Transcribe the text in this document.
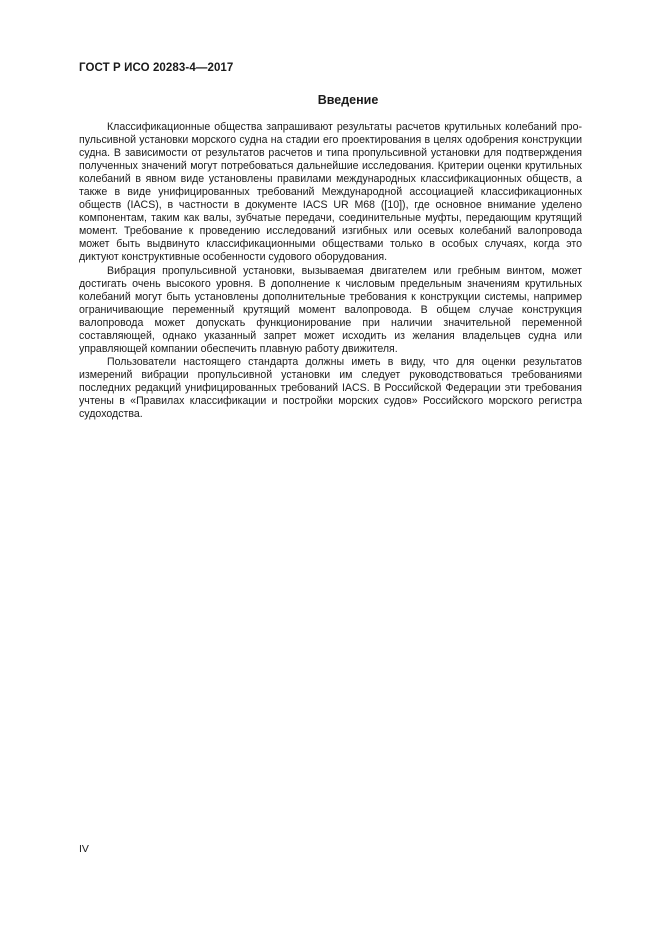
ГОСТ Р ИСО 20283-4—2017
Введение

Классификационные общества запрашивают результаты расчетов крутильных колебаний пропульсивной установки морского судна на стадии его проектирования в целях одобрения конструкции судна. В зависимости от результатов расчетов и типа пропульсивной установки для подтверждения полученных значений могут потребоваться дальнейшие исследования. Критерии оценки крутильных колебаний в явном виде установлены правилами международных классификационных обществ, а также в виде унифицированных требований Международной ассоциацией классификационных обществ (IACS), в частности в документе IACS UR M68 ([10]), где основное внимание уделено компонентам, таким как валы, зубчатые передачи, соединительные муфты, передающим крутящий момент. Требование к проведению исследований изгибных или осевых колебаний валопровода может быть выдвинуто классификационными обществами только в особых случаях, когда это диктуют конструктивные особенности судового оборудования.

Вибрация пропульсивной установки, вызываемая двигателем или гребным винтом, может достигать очень высокого уровня. В дополнение к числовым предельным значениям крутильных колебаний могут быть установлены дополнительные требования к конструкции системы, например ограничивающие переменный крутящий момент валопровода. В общем случае конструкция валопровода может допускать функционирование при наличии значительной переменной составляющей, однако указанный запрет может исходить из желания владельцев судна или управляющей компании обеспечить плавную работу движителя.

Пользователи настоящего стандарта должны иметь в виду, что для оценки результатов измерений вибрации пропульсивной установки им следует руководствоваться требованиями последних редакций унифицированных требований IACS. В Российской Федерации эти требования учтены в «Правилах классификации и постройки морских судов» Российского морского регистра судоходства.

IV
